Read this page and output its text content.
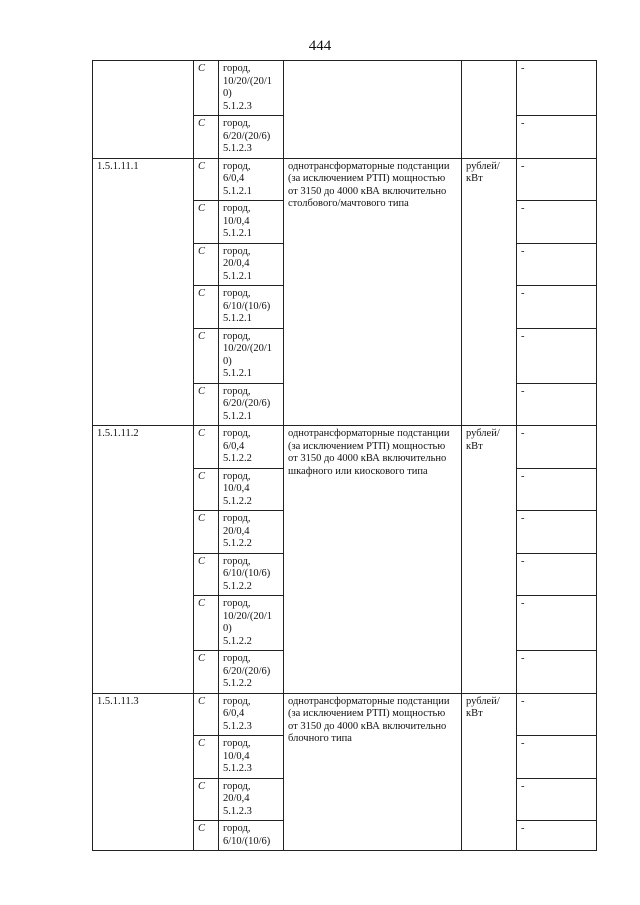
444
	С	город,
10/20/(20/1
0)
5.1.2.3			-
	С	город,
6/20/(20/6)
5.1.2.3			-
1.5.1.11.1	С	город,
6/0,4
5.1.2.1	однотрансформаторные подстанции (за исключением РТП) мощностью от 3150 до 4000 кВА включительно столбового/мачтового типа	рублей/ кВт	-
	С	город,
10/0,4
5.1.2.1			-
	С	город,
20/0,4
5.1.2.1			-
	С	город,
6/10/(10/6)
5.1.2.1			-
	С	город,
10/20/(20/1
0)
5.1.2.1			-
	С	город,
6/20/(20/6)
5.1.2.1			-
1.5.1.11.2	С	город,
6/0,4
5.1.2.2	однотрансформаторные подстанции (за исключением РТП) мощностью от 3150 до 4000 кВА включительно шкафного или киоскового типа	рублей/ кВт	-
	С	город,
10/0,4
5.1.2.2			-
	С	город,
20/0,4
5.1.2.2			-
	С	город,
6/10/(10/6)
5.1.2.2			-
	С	город,
10/20/(20/1
0)
5.1.2.2			-
	С	город,
6/20/(20/6)
5.1.2.2			-
1.5.1.11.3	С	город,
6/0,4
5.1.2.3	однотрансформаторные подстанции (за исключением РТП) мощностью от 3150 до 4000 кВА включительно блочного типа	рублей/ кВт	-
	С	город,
10/0,4
5.1.2.3			-
	С	город,
20/0,4
5.1.2.3			-
	С	город,
6/10/(10/6)			-
